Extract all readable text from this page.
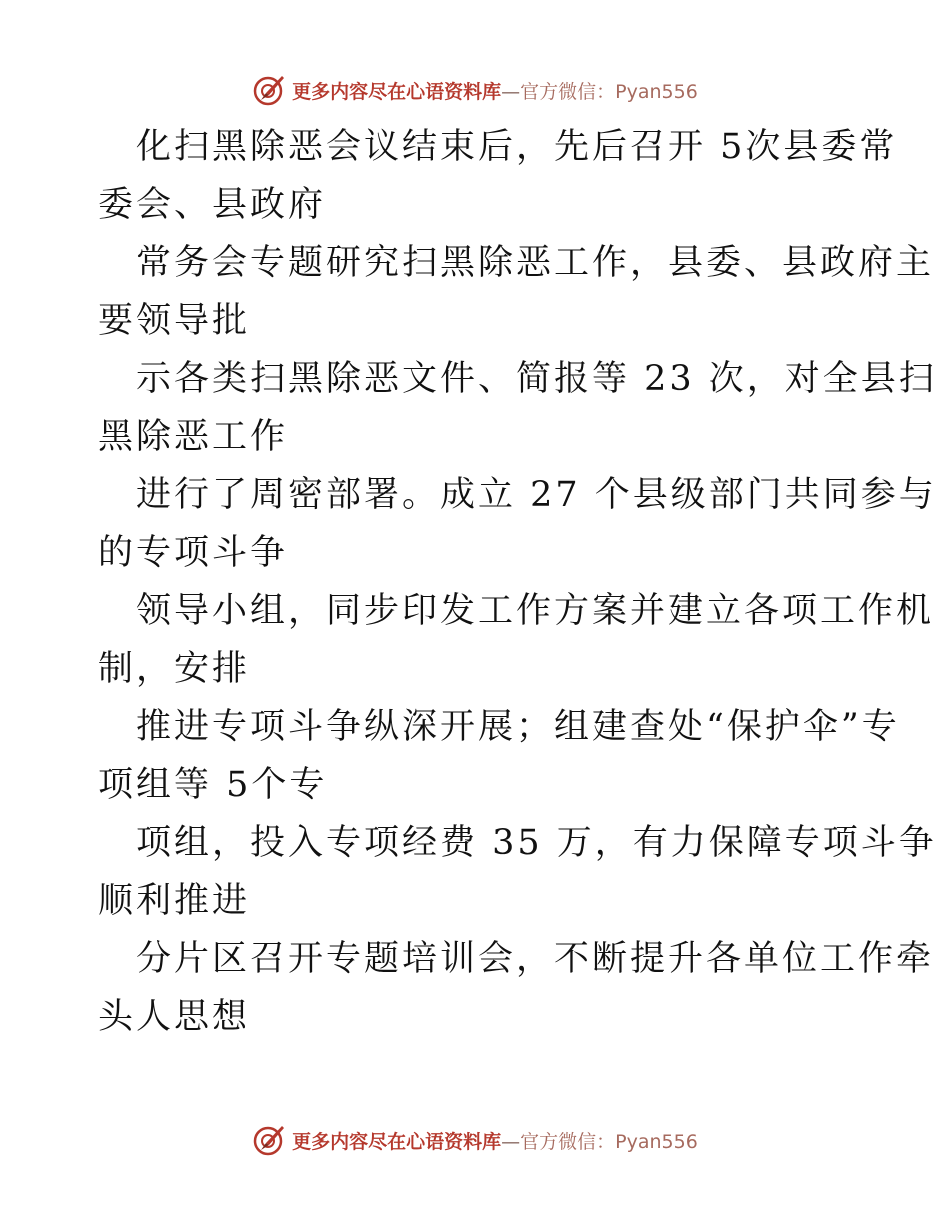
更多内容尽在心语资料库—官方微信：Pyan556
化扫黑除恶会议结束后，先后召开 5次县委常
委会、县政府
常务会专题研究扫黑除恶工作，县委、县政府主
要领导批
示各类扫黑除恶文件、简报等 23 次，对全县扫
黑除恶工作
进行了周密部署。成立 27 个县级部门共同参与
的专项斗争
领导小组，同步印发工作方案并建立各项工作机
制，安排
推进专项斗争纵深开展；组建查处“保护伞”专
项组等 5个专
项组，投入专项经费 35 万，有力保障专项斗争
顺利推进
分片区召开专题培训会，不断提升各单位工作牵
头人思想
更多内容尽在心语资料库—官方微信：Pyan556
